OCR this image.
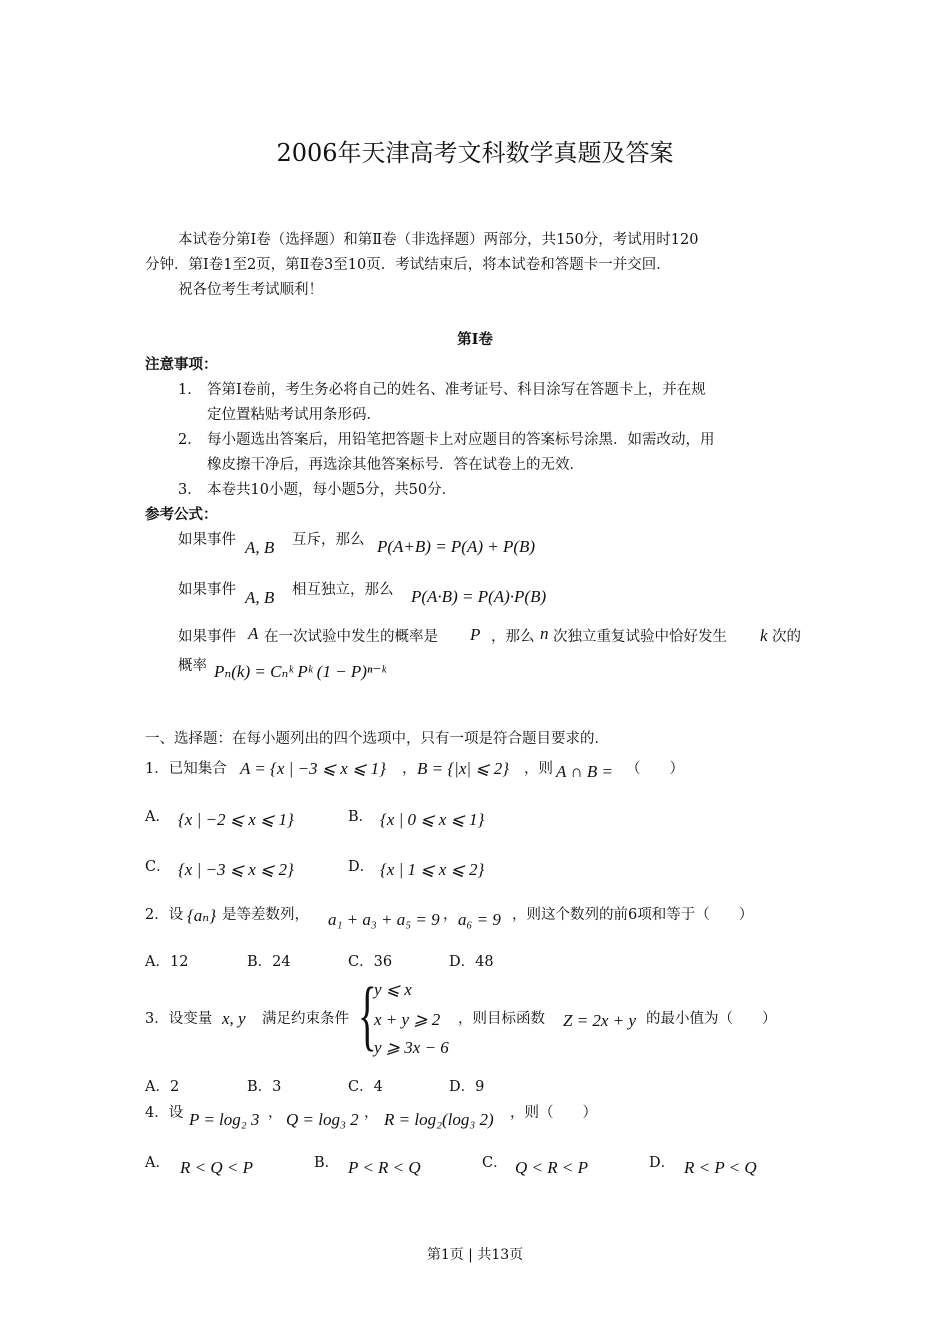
2006年天津高考文科数学真题及答案
本试卷分第Ⅰ卷（选择题）和第Ⅱ卷（非选择题）两部分，共150分，考试用时120
分钟．第Ⅰ卷1至2页，第Ⅱ卷3至10页．考试结束后，将本试卷和答题卡一并交回．
祝各位考生考试顺利！
第Ⅰ卷
注意事项：
1． 答第Ⅰ卷前，考生务必将自己的姓名、准考证号、科目涂写在答题卡上，并在规
定位置粘贴考试用条形码．
2． 每小题选出答案后，用铅笔把答题卡上对应题目的答案标号涂黑．如需改动，用
橡皮擦干净后，再选涂其他答案标号．答在试卷上的无效．
3． 本卷共10小题，每小题5分，共50分．
参考公式：
如果事件 A, B 互斥，那么 P(A+B) = P(A) + P(B)
如果事件 A, B 相互独立，那么 P(A·B) = P(A)·P(B)
如果事件 A 在一次试验中发生的概率是 P ，那么 n 次独立重复试验中恰好发生 k 次的
概率 Pₙ(k) = Cₙᵏ Pᵏ (1 − P)ⁿ⁻ᵏ
一、选择题：在每小题列出的四个选项中，只有一项是符合题目要求的．
1．已知集合 A = {x | −3 ⩽ x ⩽ 1} ， B = {|x| ⩽ 2} ，则 A ∩ B = （　　）
A． {x | −2 ⩽ x ⩽ 1}	B． {x | 0 ⩽ x ⩽ 1}
C． {x | −3 ⩽ x ⩽ 2}	D． {x | 1 ⩽ x ⩽ 2}
2．设 {aₙ} 是等差数列， a₁ + a₃ + a₅ = 9 ， a₆ = 9 ，则这个数列的前6项和等于（　　）
A．12	B．24	C．36	D．48
3．设变量 x, y 满足约束条件 {
y ⩽ x
x + y ⩾ 2
y ⩾ 3x − 6
，则目标函数 Z = 2x + y 的最小值为（　　）
A．2	B．3	C．4	D．9
4．设 P = log₂ 3 ， Q = log₃ 2 ， R = log₂(log₃ 2) ，则（　　）
A． R < Q < P	B． P < R < Q	C． Q < R < P	D． R < P < Q
第1页 | 共13页
